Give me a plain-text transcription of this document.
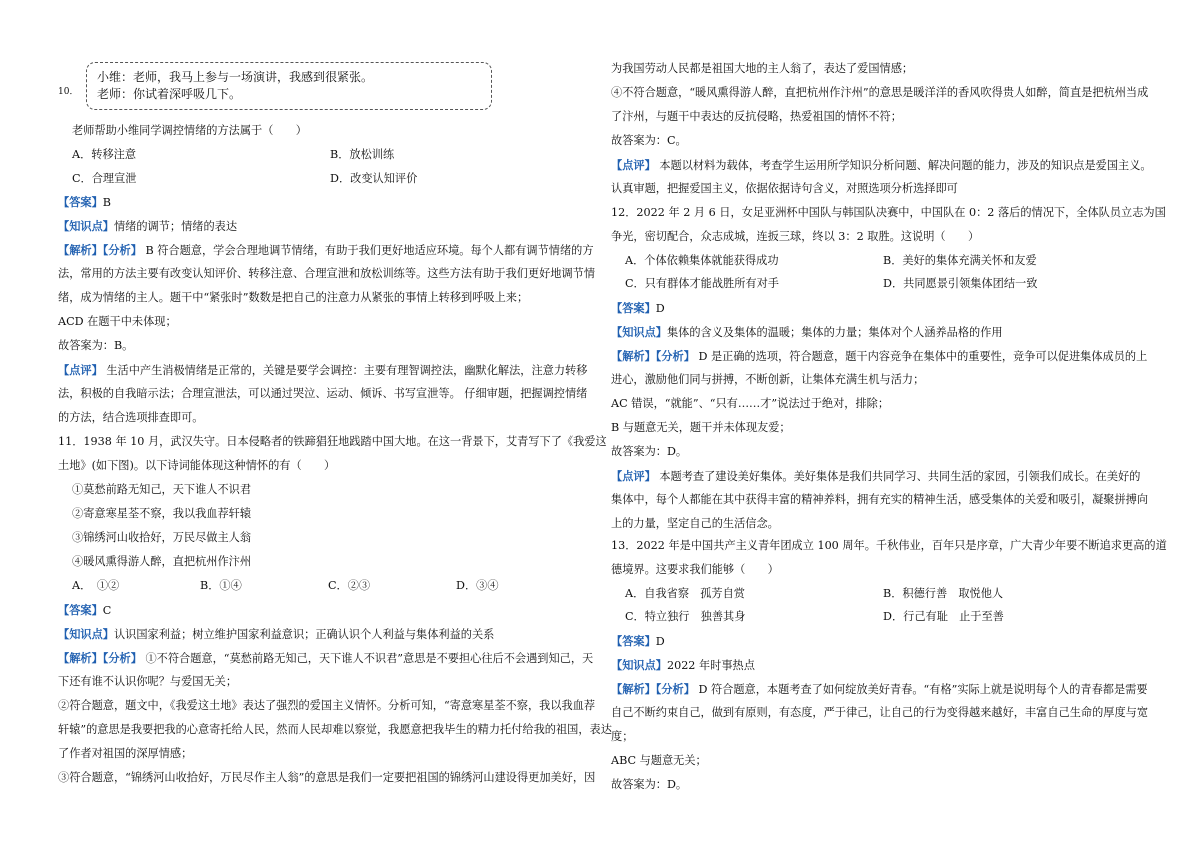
10．
小维：老师，我马上参与一场演讲，我感到很紧张。
老师：你试着深呼吸几下。
老师帮助小维同学调控情绪的方法属于（　　）
A．转移注意	B．放松训练
C．合理宣泄	D．改变认知评价
【答案】B
【知识点】情绪的调节；情绪的表达
【解析】【分析】 B 符合题意，学会合理地调节情绪，有助于我们更好地适应环境。每个人都有调节情绪的方
法，常用的方法主要有改变认知评价、转移注意、合理宣泄和放松训练等。这些方法有助于我们更好地调节情
绪，成为情绪的主人。题干中“紧张时”数数是把自己的注意力从紧张的事情上转移到呼吸上来；
ACD 在题干中未体现；
故答案为：B。
【点评】 生活中产生消极情绪是正常的，关键是要学会调控：主要有理智调控法，幽默化解法，注意力转移
法，积极的自我暗示法；合理宣泄法，可以通过哭泣、运动、倾诉、书写宣泄等。 仔细审题，把握调控情绪
的方法，结合选项排查即可。
11．1938 年 10 月，武汉失守。日本侵略者的铁蹄猖狂地践踏中国大地。在这一背景下，艾青写下了《我爱这
土地》(如下图)。以下诗词能体现这种情怀的有（　　）
①莫愁前路无知己，天下谁人不识君
②寄意寒星荃不察，我以我血荐轩辕
③锦绣河山收拾好，万民尽做主人翁
④暖风熏得游人醉，直把杭州作汴州
A．　①②	B．①④	C．②③	D．③④
【答案】C
【知识点】认识国家利益；树立维护国家利益意识；正确认识个人利益与集体利益的关系
【解析】【分析】 ①不符合题意，“莫愁前路无知己，天下谁人不识君”意思是不要担心往后不会遇到知己，天
下还有谁不认识你呢？与爱国无关；
②符合题意，题文中，《我爱这土地》表达了强烈的爱国主义情怀。分析可知，“寄意寒星荃不察，我以我血荐
轩辕”的意思是我要把我的心意寄托给人民，然而人民却难以察觉，我愿意把我毕生的精力托付给我的祖国，表达
了作者对祖国的深厚情感；
③符合题意，“锦绣河山收拾好，万民尽作主人翁”的意思是我们一定要把祖国的锦绣河山建设得更加美好，因
为我国劳动人民都是祖国大地的主人翁了，表达了爱国情感；
④不符合题意，“暖风熏得游人醉，直把杭州作汴州”的意思是暖洋洋的香风吹得贵人如醉，简直是把杭州当成
了汴州，与题干中表达的反抗侵略，热爱祖国的情怀不符；
故答案为：C。
【点评】 本题以材料为载体，考查学生运用所学知识分析问题、解决问题的能力，涉及的知识点是爱国主义。
认真审题，把握爱国主义，依据依据诗句含义，对照选项分析选择即可
12．2022 年 2 月 6 日，女足亚洲杯中国队与韩国队决赛中，中国队在 0：2 落后的情况下，全体队员立志为国
争光，密切配合，众志成城，连扳三球，终以 3：2 取胜。这说明（　　）
A．个体依赖集体就能获得成功	B．美好的集体充满关怀和友爱
C．只有群体才能战胜所有对手	D．共同愿景引领集体团结一致
【答案】D
【知识点】集体的含义及集体的温暖；集体的力量；集体对个人涵养品格的作用
【解析】【分析】 D 是正确的选项，符合题意，题干内容竞争在集体中的重要性，竞争可以促进集体成员的上
进心，激励他们同与拼搏，不断创新，让集体充满生机与活力；
AC 错误，“就能”、“只有……才”说法过于绝对，排除；
B 与题意无关，题干并未体现友爱；
故答案为：D。
【点评】 本题考查了建设美好集体。美好集体是我们共同学习、共同生活的家园，引领我们成长。在美好的
集体中，每个人都能在其中获得丰富的精神养料，拥有充实的精神生活，感受集体的关爱和吸引，凝聚拼搏向
上的力量，坚定自己的生活信念。
13．2022 年是中国共产主义青年团成立 100 周年。千秋伟业，百年只是序章，广大青少年要不断追求更高的道
德境界。这要求我们能够（　　）
A．自我省察　孤芳自赏	B．积德行善　取悦他人
C．特立独行　独善其身	D．行己有耻　止于至善
【答案】D
【知识点】2022 年时事热点
【解析】【分析】 D 符合题意，本题考查了如何绽放美好青春。“有格”实际上就是说明每个人的青春都是需要
自己不断约束自己，做到有原则，有态度，严于律己，让自己的行为变得越来越好，丰富自己生命的厚度与宽
度；
ABC 与题意无关；
故答案为：D。
